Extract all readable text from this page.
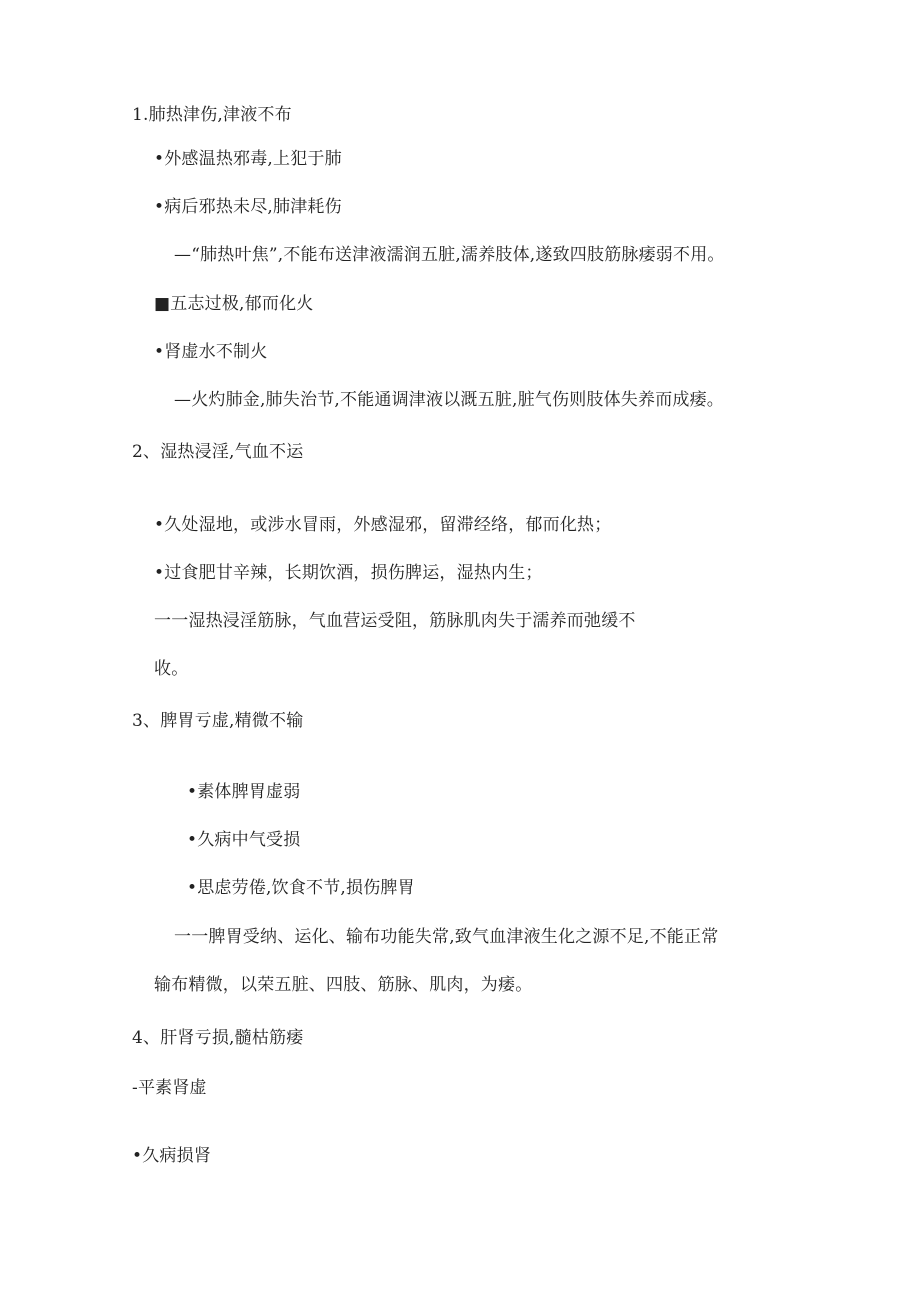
1.肺热津伤,津液不布
•外感温热邪毒,上犯于肺
•病后邪热未尽,肺津耗伤
—“肺热叶焦”,不能布送津液濡润五脏,濡养肢体,遂致四肢筋脉痿弱不用。
■五志过极,郁而化火
•肾虚水不制火
—火灼肺金,肺失治节,不能通调津液以溉五脏,脏气伤则肢体失养而成痿。
2、湿热浸淫,气血不运
•久处湿地，或涉水冒雨，外感湿邪，留滞经络，郁而化热；
•过食肥甘辛辣，长期饮酒，损伤脾运，湿热内生；
一一湿热浸淫筋脉，气血营运受阻，筋脉肌肉失于濡养而弛缓不
收。
3、脾胃亏虚,精微不输
•素体脾胃虚弱
•久病中气受损
•思虑劳倦,饮食不节,损伤脾胃
一一脾胃受纳、运化、输布功能失常,致气血津液生化之源不足,不能正常
输布精微，以荣五脏、四肢、筋脉、肌肉，为痿。
4、肝肾亏损,髓枯筋痿
-平素肾虚
•久病损肾
